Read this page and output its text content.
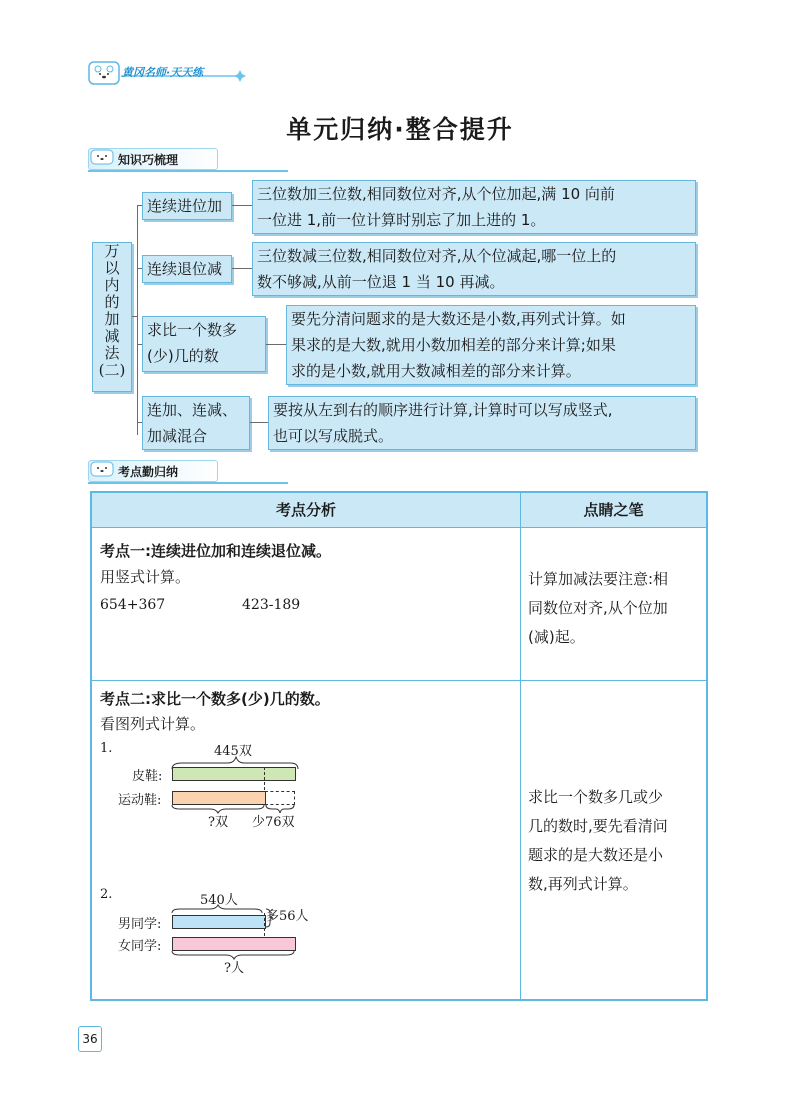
黄冈名师·天天练
单元归纳·整合提升
知识巧梳理
万
以
内
的
加
减
法
(二)
连续进位加
三位数加三位数,相同数位对齐,从个位加起,满 10 向前
一位进 1,前一位计算时别忘了加上进的 1。
连续退位减
三位数减三位数,相同数位对齐,从个位减起,哪一位上的
数不够减,从前一位退 1 当 10 再减。
求比一个数多
(少)几的数
要先分清问题求的是大数还是小数,再列式计算。如
果求的是大数,就用小数加相差的部分来计算;如果
求的是小数,就用大数减相差的部分来计算。
连加、连减、
加减混合
要按从左到右的顺序进行计算,计算时可以写成竖式,
也可以写成脱式。
考点勤归纳
考点分析	点睛之笔
考点一:连续进位加和连续退位减。
用竖式计算。
654+367	423-189
计算加减法要注意:相
同数位对齐,从个位加
(减)起。
考点二:求比一个数多(少)几的数。
看图列式计算。
1.	445双
皮鞋:
运动鞋:
?双 少76双
2.	540人
男同学:
多56人
女同学:
?人
求比一个数多几或少
几的数时,要先看清问
题求的是大数还是小
数,再列式计算。
36
